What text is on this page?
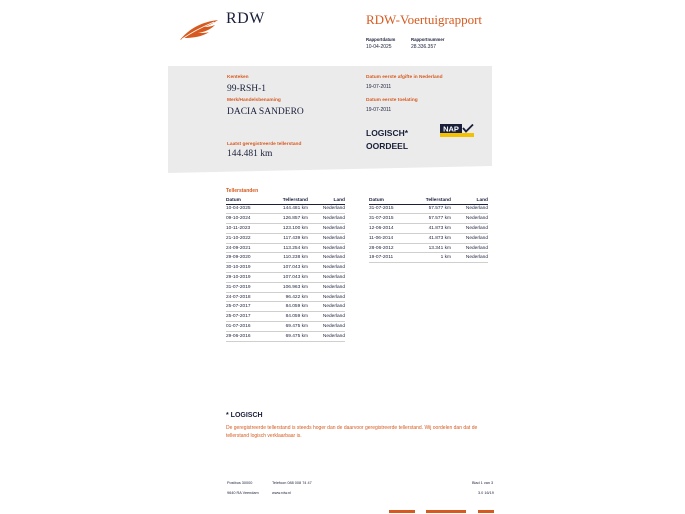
RDW	RDW-Voertuigrapport
Rapportdatum
10-04-2025
Rapportnummer
28.336.357
Kenteken
99-RSH-1
Merk/Handelsbenaming
DACIA SANDERO
Laatst geregistreerde tellerstand
144.481 km
Datum eerste afgifte in Nederland
19-07-2011
Datum eerste toelating
19-07-2011
LOGISCH*
OORDEEL
NAP
Tellerstanden
Datum	Tellerstand	Land
10-04-2025	144.481 km	Nederland
09-10-2024	126.857 km	Nederland
10-11-2023	123.100 km	Nederland
21-10-2022	117.439 km	Nederland
24-09-2021	113.254 km	Nederland
29-09-2020	110.238 km	Nederland
30-10-2019	107.043 km	Nederland
29-10-2019	107.043 km	Nederland
31-07-2019	106.963 km	Nederland
24-07-2018	96.422 km	Nederland
25-07-2017	84.059 km	Nederland
25-07-2017	84.059 km	Nederland
01-07-2016	69.475 km	Nederland
29-06-2016	69.475 km	Nederland
Datum	Tellerstand	Land
31-07-2015	57.577 km	Nederland
31-07-2015	57.577 km	Nederland
12-06-2014	41.873 km	Nederland
11-06-2014	41.873 km	Nederland
28-06-2012	13.341 km	Nederland
19-07-2011	1 km	Nederland
* LOGISCH
De geregistreerde tellerstand is steeds hoger dan de daarvoor geregistreerde tellerstand. Wij oordelen dan dat de tellerstand logisch verklaarbaar is.
Postbus 30000
9640 RA Veendam
Telefoon 088 008 74 47
www.rdw.nl
Blad 1 van 3
3.0 16/19
